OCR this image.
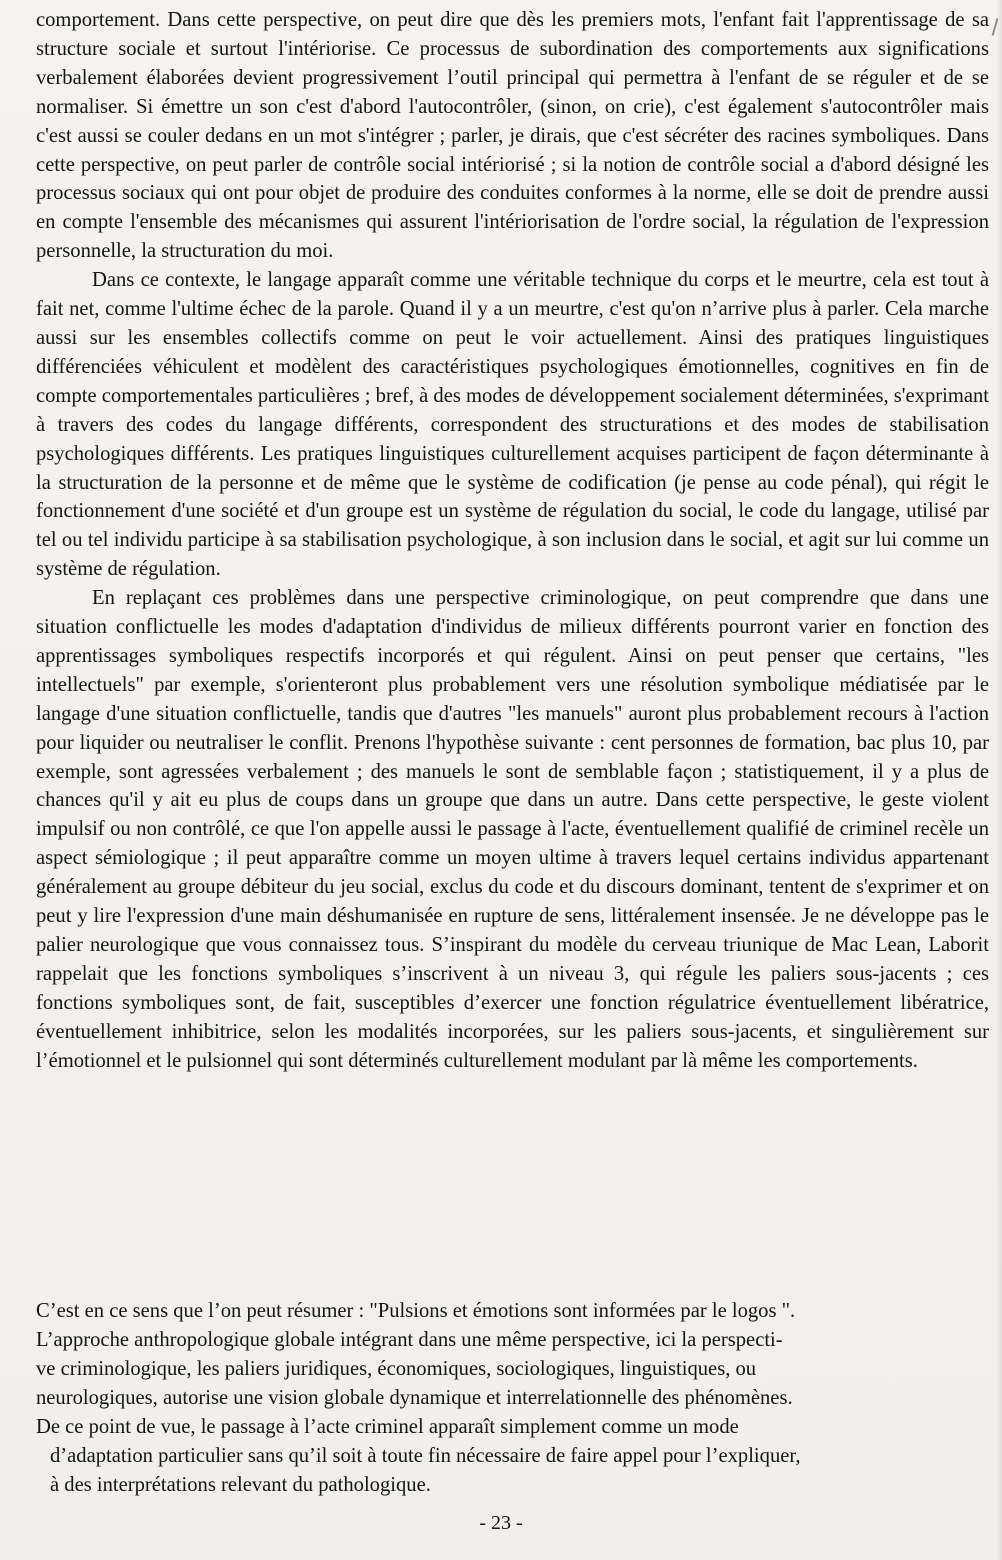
comportement. Dans cette perspective, on peut dire que dès les premiers mots, l'enfant fait l'apprentissage de sa structure sociale et surtout l'intériorise. Ce processus de subordination des comportements aux significations verbalement élaborées devient progressivement l’outil principal qui permettra à l'enfant de se réguler et de se normaliser. Si émettre un son c'est d'abord l'autocontrôler, (sinon, on crie), c'est également s'autocontrôler mais c'est aussi se couler dedans en un mot s'intégrer ; parler, je dirais, que c'est sécréter des racines symboliques. Dans cette perspective, on peut parler de contrôle social intériorisé ; si la notion de contrôle social a d'abord désigné les processus sociaux qui ont pour objet de produire des conduites conformes à la norme, elle se doit de prendre aussi en compte l'ensemble des mécanismes qui assurent l'intériorisation de l'ordre social, la régulation de l'expression personnelle, la structuration du moi.

Dans ce contexte, le langage apparaît comme une véritable technique du corps et le meurtre, cela est tout à fait net, comme l'ultime échec de la parole. Quand il y a un meurtre, c'est qu'on n’arrive plus à parler. Cela marche aussi sur les ensembles collectifs comme on peut le voir actuellement. Ainsi des pratiques linguistiques différenciées véhiculent et modèlent des caractéristiques psychologiques émotionnelles, cognitives en fin de compte comportementales particulières ; bref, à des modes de développement socialement déterminées, s'exprimant à travers des codes du langage différents, correspondent des structurations et des modes de stabilisation psychologiques différents. Les pratiques linguistiques culturellement acquises participent de façon déterminante à la structuration de la personne et de même que le système de codification (je pense au code pénal), qui régit le fonctionnement d'une société et d'un groupe est un système de régulation du social, le code du langage, utilisé par tel ou tel individu participe à sa stabilisation psychologique, à son inclusion dans le social, et agit sur lui comme un système de régulation.

En replaçant ces problèmes dans une perspective criminologique, on peut comprendre que dans une situation conflictuelle les modes d'adaptation d'individus de milieux différents pourront varier en fonction des apprentissages symboliques respectifs incorporés et qui régulent. Ainsi on peut penser que certains, "les intellectuels" par exemple, s'orienteront plus probablement vers une résolution symbolique médiatisée par le langage d'une situation conflictuelle, tandis que d'autres "les manuels" auront plus probablement recours à l'action pour liquider ou neutraliser le conflit. Prenons l'hypothèse suivante : cent personnes de formation, bac plus 10, par exemple, sont agressées verbalement ; des manuels le sont de semblable façon ; statistiquement, il y a plus de chances qu'il y ait eu plus de coups dans un groupe que dans un autre. Dans cette perspective, le geste violent impulsif ou non contrôlé, ce que l'on appelle aussi le passage à l'acte, éventuellement qualifié de criminel recèle un aspect sémiologique ; il peut apparaître comme un moyen ultime à travers lequel certains individus appartenant généralement au groupe débiteur du jeu social, exclus du code et du discours dominant, tentent de s'exprimer et on peut y lire l'expression d'une main déshumanisée en rupture de sens, littéralement insensée. Je ne développe pas le palier neurologique que vous connaissez tous. S’inspirant du modèle du cerveau triunique de Mac Lean, Laborit rappelait que les fonctions symboliques s’inscrivent à un niveau 3, qui régule les paliers sous-jacents ; ces fonctions symboliques sont, de fait, susceptibles d’exercer une fonction régulatrice éventuellement libératrice, éventuellement inhibitrice, selon les modalités incorporées, sur les paliers sous-jacents, et singulièrement sur l’émotionnel et le pulsionnel qui sont déterminés culturellement modulant par là même les comportements.

C’est en ce sens que l’on peut résumer : "Pulsions et émotions sont informées par le logos ".
L’approche anthropologique globale intégrant dans une même perspective, ici la perspecti-
ve criminologique, les paliers juridiques, économiques, sociologiques, linguistiques, ou
neurologiques, autorise une vision globale dynamique et interrelationnelle des phénomènes.
De ce point de vue, le passage à l’acte criminel apparaît simplement comme un mode
d’adaptation particulier sans qu’il soit à toute fin nécessaire de faire appel pour l’expliquer,
à des interprétations relevant du pathologique.
- 23 -
